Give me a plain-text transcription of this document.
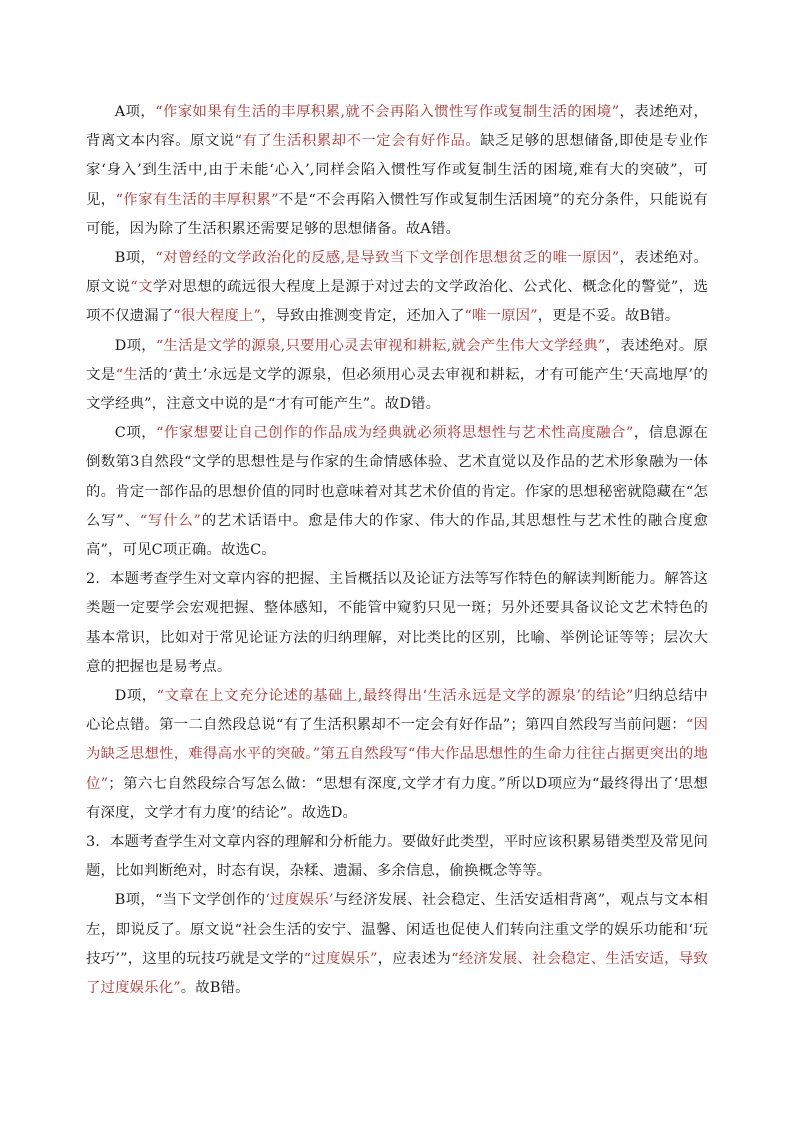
A项，“作家如果有生活的丰厚积累,就不会再陷入惯性写作或复制生活的困境”，表述绝对，背离文本内容。原文说“有了生活积累却不一定会有好作品。缺乏足够的思想储备,即使是专业作家‘身入’到生活中,由于未能‘心入’,同样会陷入惯性写作或复制生活的困境,难有大的突破”，可见，“作家有生活的丰厚积累”不是“不会再陷入惯性写作或复制生活困境”的充分条件，只能说有可能，因为除了生活积累还需要足够的思想储备。故A错。

B项，“对曾经的文学政治化的反感,是导致当下文学创作思想贫乏的唯一原因”，表述绝对。原文说“文学对思想的疏远很大程度上是源于对过去的文学政治化、公式化、概念化的警觉”，选项不仅遗漏了“很大程度上”，导致由推测变肯定，还加入了“唯一原因”，更是不妥。故B错。

D项，“生活是文学的源泉,只要用心灵去审视和耕耘,就会产生伟大文学经典”，表述绝对。原文是“生活的‘黄土’永远是文学的源泉，但必须用心灵去审视和耕耘，才有可能产生‘天高地厚’的文学经典”，注意文中说的是“才有可能产生”。故D错。

C项，“作家想要让自己创作的作品成为经典就必须将思想性与艺术性高度融合”，信息源在倒数第3自然段“文学的思想性是与作家的生命情感体验、艺术直觉以及作品的艺术形象融为一体的。肯定一部作品的思想价值的同时也意味着对其艺术价值的肯定。作家的思想秘密就隐藏在“怎么写”、“写什么”的艺术话语中。愈是伟大的作家、伟大的作品,其思想性与艺术性的融合度愈高”，可见C项正确。故选C。

2．本题考查学生对文章内容的把握、主旨概括以及论证方法等写作特色的解读判断能力。解答这类题一定要学会宏观把握、整体感知，不能管中窥豹只见一斑；另外还要具备议论文艺术特色的基本常识，比如对于常见论证方法的归纳理解，对比类比的区别，比喻、举例论证等等；层次大意的把握也是易考点。

D项，“文章在上文充分论述的基础上,最终得出‘生活永远是文学的源泉’的结论”归纳总结中心论点错。第一二自然段总说“有了生活积累却不一定会有好作品”；第四自然段写当前问题：“因为缺乏思想性，难得高水平的突破。”第五自然段写“伟大作品思想性的生命力往往占据更突出的地位”；第六七自然段综合写怎么做：“思想有深度,文学才有力度。”所以D项应为“最终得出了‘思想有深度，文学才有力度’的结论”。故选D。

3．本题考查学生对文章内容的理解和分析能力。要做好此类型，平时应该积累易错类型及常见问题，比如判断绝对，时态有误，杂糅、遗漏、多余信息，偷换概念等等。

B项，“当下文学创作的‘过度娱乐’与经济发展、社会稳定、生活安适相背离”，观点与文本相左，即说反了。原文说“社会生活的安宁、温馨、闲适也促使人们转向注重文学的娱乐功能和‘玩技巧’”，这里的玩技巧就是文学的“过度娱乐”，应表述为“经济发展、社会稳定、生活安适，导致了过度娱乐化”。故B错。
